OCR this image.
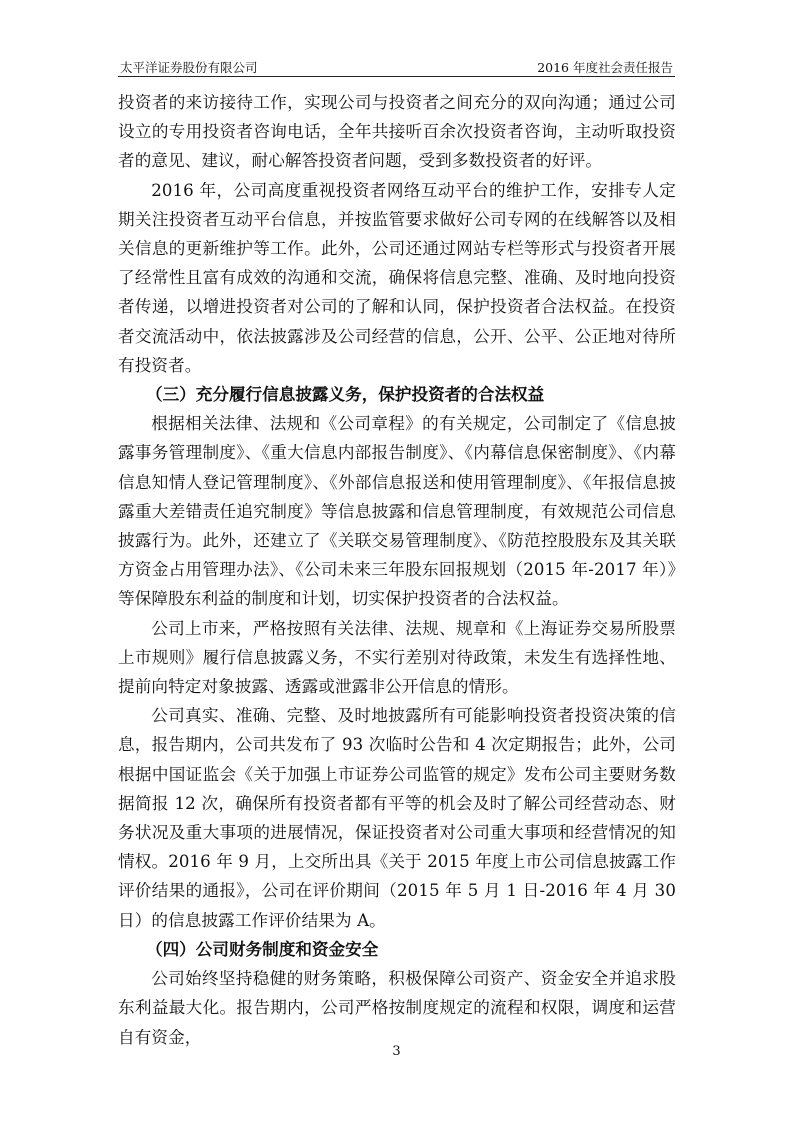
太平洋证券股份有限公司	2016 年度社会责任报告

投资者的来访接待工作，实现公司与投资者之间充分的双向沟通；通过公司设立的专用投资者咨询电话，全年共接听百余次投资者咨询，主动听取投资者的意见、建议，耐心解答投资者问题，受到多数投资者的好评。

2016 年，公司高度重视投资者网络互动平台的维护工作，安排专人定期关注投资者互动平台信息，并按监管要求做好公司专网的在线解答以及相关信息的更新维护等工作。此外，公司还通过网站专栏等形式与投资者开展了经常性且富有成效的沟通和交流，确保将信息完整、准确、及时地向投资者传递，以增进投资者对公司的了解和认同，保护投资者合法权益。在投资者交流活动中，依法披露涉及公司经营的信息，公开、公平、公正地对待所有投资者。

（三）充分履行信息披露义务，保护投资者的合法权益

根据相关法律、法规和《公司章程》的有关规定，公司制定了《信息披露事务管理制度》、《重大信息内部报告制度》、《内幕信息保密制度》、《内幕信息知情人登记管理制度》、《外部信息报送和使用管理制度》、《年报信息披露重大差错责任追究制度》等信息披露和信息管理制度，有效规范公司信息披露行为。此外，还建立了《关联交易管理制度》、《防范控股股东及其关联方资金占用管理办法》、《公司未来三年股东回报规划（2015 年-2017 年）》等保障股东利益的制度和计划，切实保护投资者的合法权益。

公司上市来，严格按照有关法律、法规、规章和《上海证券交易所股票上市规则》履行信息披露义务，不实行差别对待政策，未发生有选择性地、提前向特定对象披露、透露或泄露非公开信息的情形。

公司真实、准确、完整、及时地披露所有可能影响投资者投资决策的信息，报告期内，公司共发布了 93 次临时公告和 4 次定期报告；此外，公司根据中国证监会《关于加强上市证券公司监管的规定》发布公司主要财务数据简报 12 次，确保所有投资者都有平等的机会及时了解公司经营动态、财务状况及重大事项的进展情况，保证投资者对公司重大事项和经营情况的知情权。2016 年 9 月，上交所出具《关于 2015 年度上市公司信息披露工作评价结果的通报》，公司在评价期间（2015 年 5 月 1 日-2016 年 4 月 30 日）的信息披露工作评价结果为 A。

（四）公司财务制度和资金安全

公司始终坚持稳健的财务策略，积极保障公司资产、资金安全并追求股东利益最大化。报告期内，公司严格按制度规定的流程和权限，调度和运营自有资金，

3
